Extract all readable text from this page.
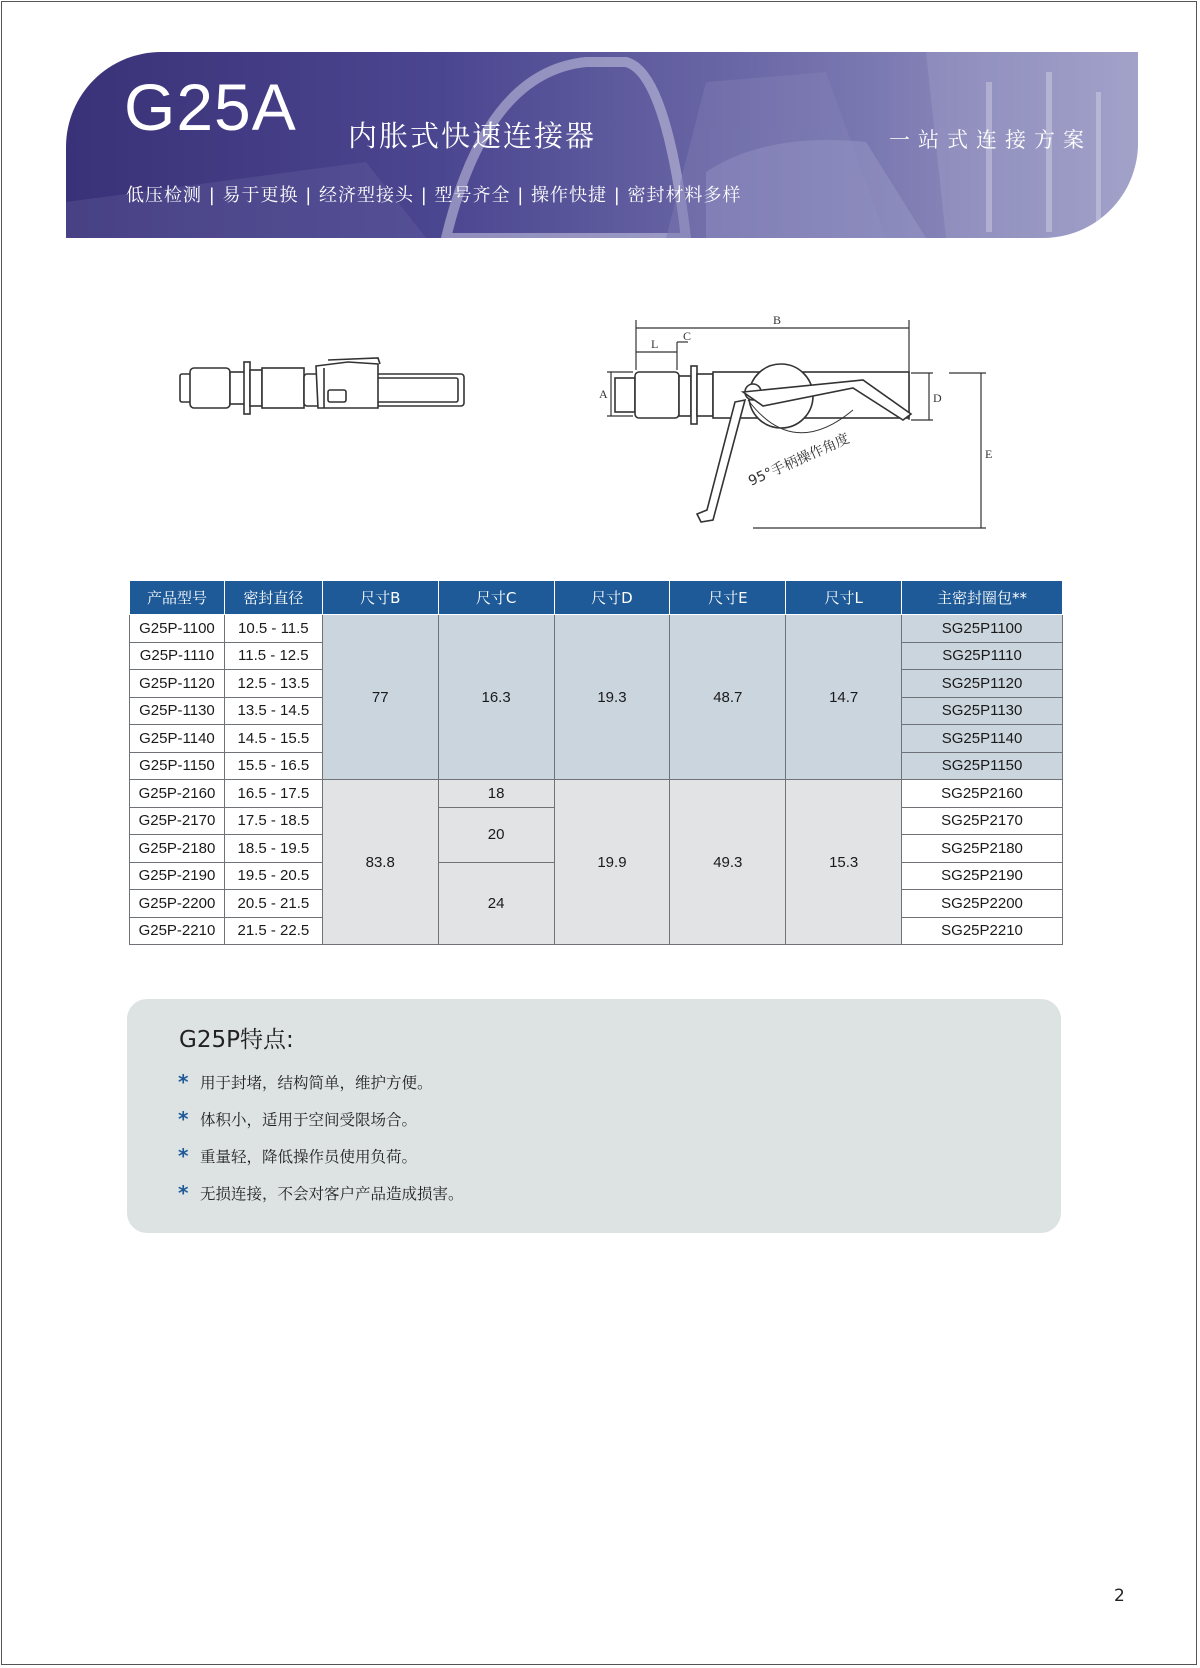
G25A 内胀式快速连接器	一站式连接方案
低压检测 | 易于更换 | 经济型接头 | 型号齐全 | 操作快捷 | 密封材料多样
B
L
C
A	D
E
95°手柄操作角度
产品型号	密封直径	尺寸B	尺寸C	尺寸D	尺寸E	尺寸L	主密封圈包**
G25P-1100	10.5 - 11.5	77	16.3	19.3	48.7	14.7	SG25P1100
G25P-1110	11.5 - 12.5						SG25P1110
G25P-1120	12.5 - 13.5						SG25P1120
G25P-1130	13.5 - 14.5						SG25P1130
G25P-1140	14.5 - 15.5						SG25P1140
G25P-1150	15.5 - 16.5						SG25P1150
G25P-2160	16.5 - 17.5	83.8	18	19.9	49.3	15.3	SG25P2160
G25P-2170	17.5 - 18.5		20				SG25P2170
G25P-2180	18.5 - 19.5						SG25P2180
G25P-2190	19.5 - 20.5		24				SG25P2190
G25P-2200	20.5 - 21.5						SG25P2200
G25P-2210	21.5 - 22.5						SG25P2210
G25P特点:
* 用于封堵，结构简单，维护方便。
* 体积小，适用于空间受限场合。
* 重量轻，降低操作员使用负荷。
* 无损连接，不会对客户产品造成损害。
2
